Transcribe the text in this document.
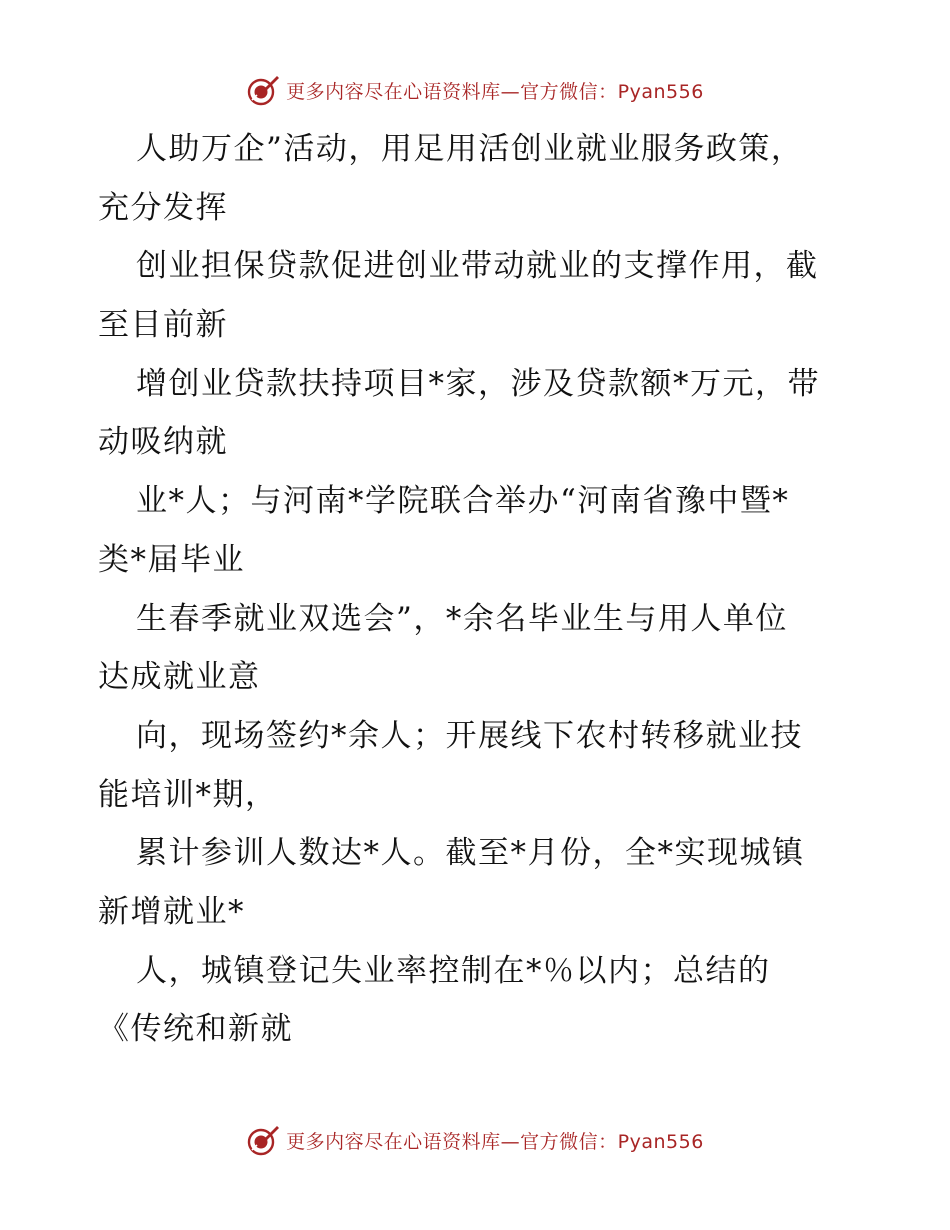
更多内容尽在心语资料库—官方微信：Pyan556
人助万企”活动，用足用活创业就业服务政策，
充分发挥
创业担保贷款促进创业带动就业的支撑作用，截
至目前新
增创业贷款扶持项目*家，涉及贷款额*万元，带
动吸纳就
业*人；与河南*学院联合举办“河南省豫中暨*
类*届毕业
生春季就业双选会”，*余名毕业生与用人单位
达成就业意
向，现场签约*余人；开展线下农村转移就业技
能培训*期，
累计参训人数达*人。截至*月份，全*实现城镇
新增就业*
人，城镇登记失业率控制在*％以内；总结的
《传统和新就
更多内容尽在心语资料库—官方微信：Pyan556
